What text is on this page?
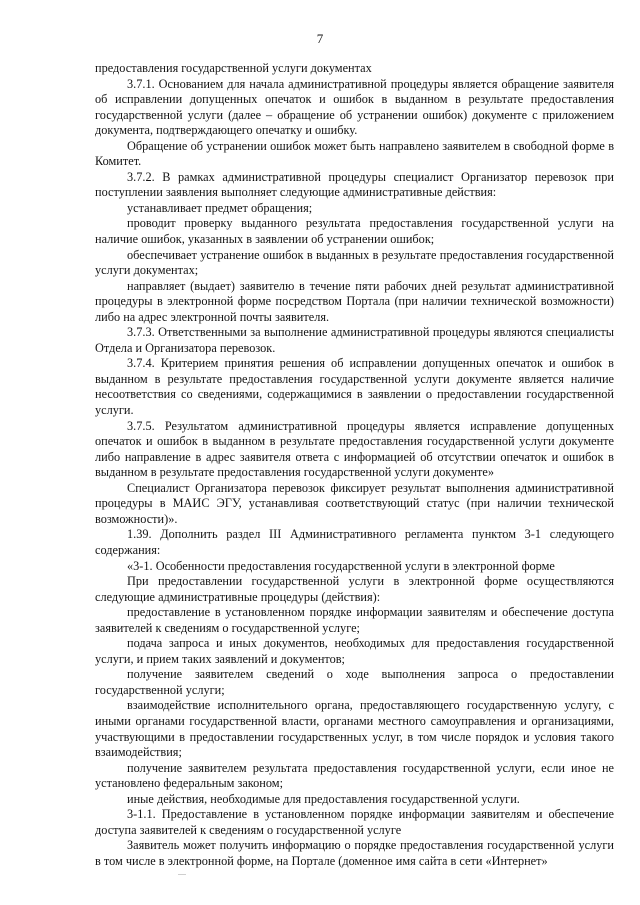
7

предоставления государственной услуги документах

3.7.1. Основанием для начала административной процедуры является обращение заявителя об исправлении допущенных опечаток и ошибок в выданном в результате предоставления государственной услуги (далее – обращение об устранении ошибок) документе с приложением документа, подтверждающего опечатку и ошибку.

Обращение об устранении ошибок может быть направлено заявителем в свободной форме в Комитет.

3.7.2. В рамках административной процедуры специалист Организатор перевозок при поступлении заявления выполняет следующие административные действия:

устанавливает предмет обращения;

проводит проверку выданного результата предоставления государственной услуги на наличие ошибок, указанных в заявлении об устранении ошибок;

обеспечивает устранение ошибок в выданных в результате предоставления государственной услуги документах;

направляет (выдает) заявителю в течение пяти рабочих дней результат административной процедуры в электронной форме посредством Портала (при наличии технической возможности) либо на адрес электронной почты заявителя.

3.7.3. Ответственными за выполнение административной процедуры являются специалисты Отдела и Организатора перевозок.

3.7.4. Критерием принятия решения об исправлении допущенных опечаток и ошибок в выданном в результате предоставления государственной услуги документе является наличие несоответствия со сведениями, содержащимися в заявлении о предоставлении государственной услуги.

3.7.5. Результатом административной процедуры является исправление допущенных опечаток и ошибок в выданном в результате предоставления государственной услуги документе либо направление в адрес заявителя ответа с информацией об отсутствии опечаток и ошибок в выданном в результате предоставления государственной услуги документе»

Специалист Организатора перевозок фиксирует результат выполнения административной процедуры в МАИС ЭГУ, устанавливая соответствующий статус (при наличии технической возможности)».

1.39. Дополнить раздел III Административного регламента пунктом 3-1 следующего содержания:

«3-1. Особенности предоставления государственной услуги в электронной форме

При предоставлении государственной услуги в электронной форме осуществляются следующие административные процедуры (действия):

предоставление в установленном порядке информации заявителям и обеспечение доступа заявителей к сведениям о государственной услуге;

подача запроса и иных документов, необходимых для предоставления государственной услуги, и прием таких заявлений и документов;

получение заявителем сведений о ходе выполнения запроса о предоставлении государственной услуги;

взаимодействие исполнительного органа, предоставляющего государственную услугу, с иными органами государственной власти, органами местного самоуправления и организациями, участвующими в предоставлении государственных услуг, в том числе порядок и условия такого взаимодействия;

получение заявителем результата предоставления государственной услуги, если иное не установлено федеральным законом;

иные действия, необходимые для предоставления государственной услуги.

3-1.1. Предоставление в установленном порядке информации заявителям и обеспечение доступа заявителей к сведениям о государственной услуге

Заявитель может получить информацию о порядке предоставления государственной услуги в том числе в электронной форме, на Портале (доменное имя сайта в сети «Интернет»
